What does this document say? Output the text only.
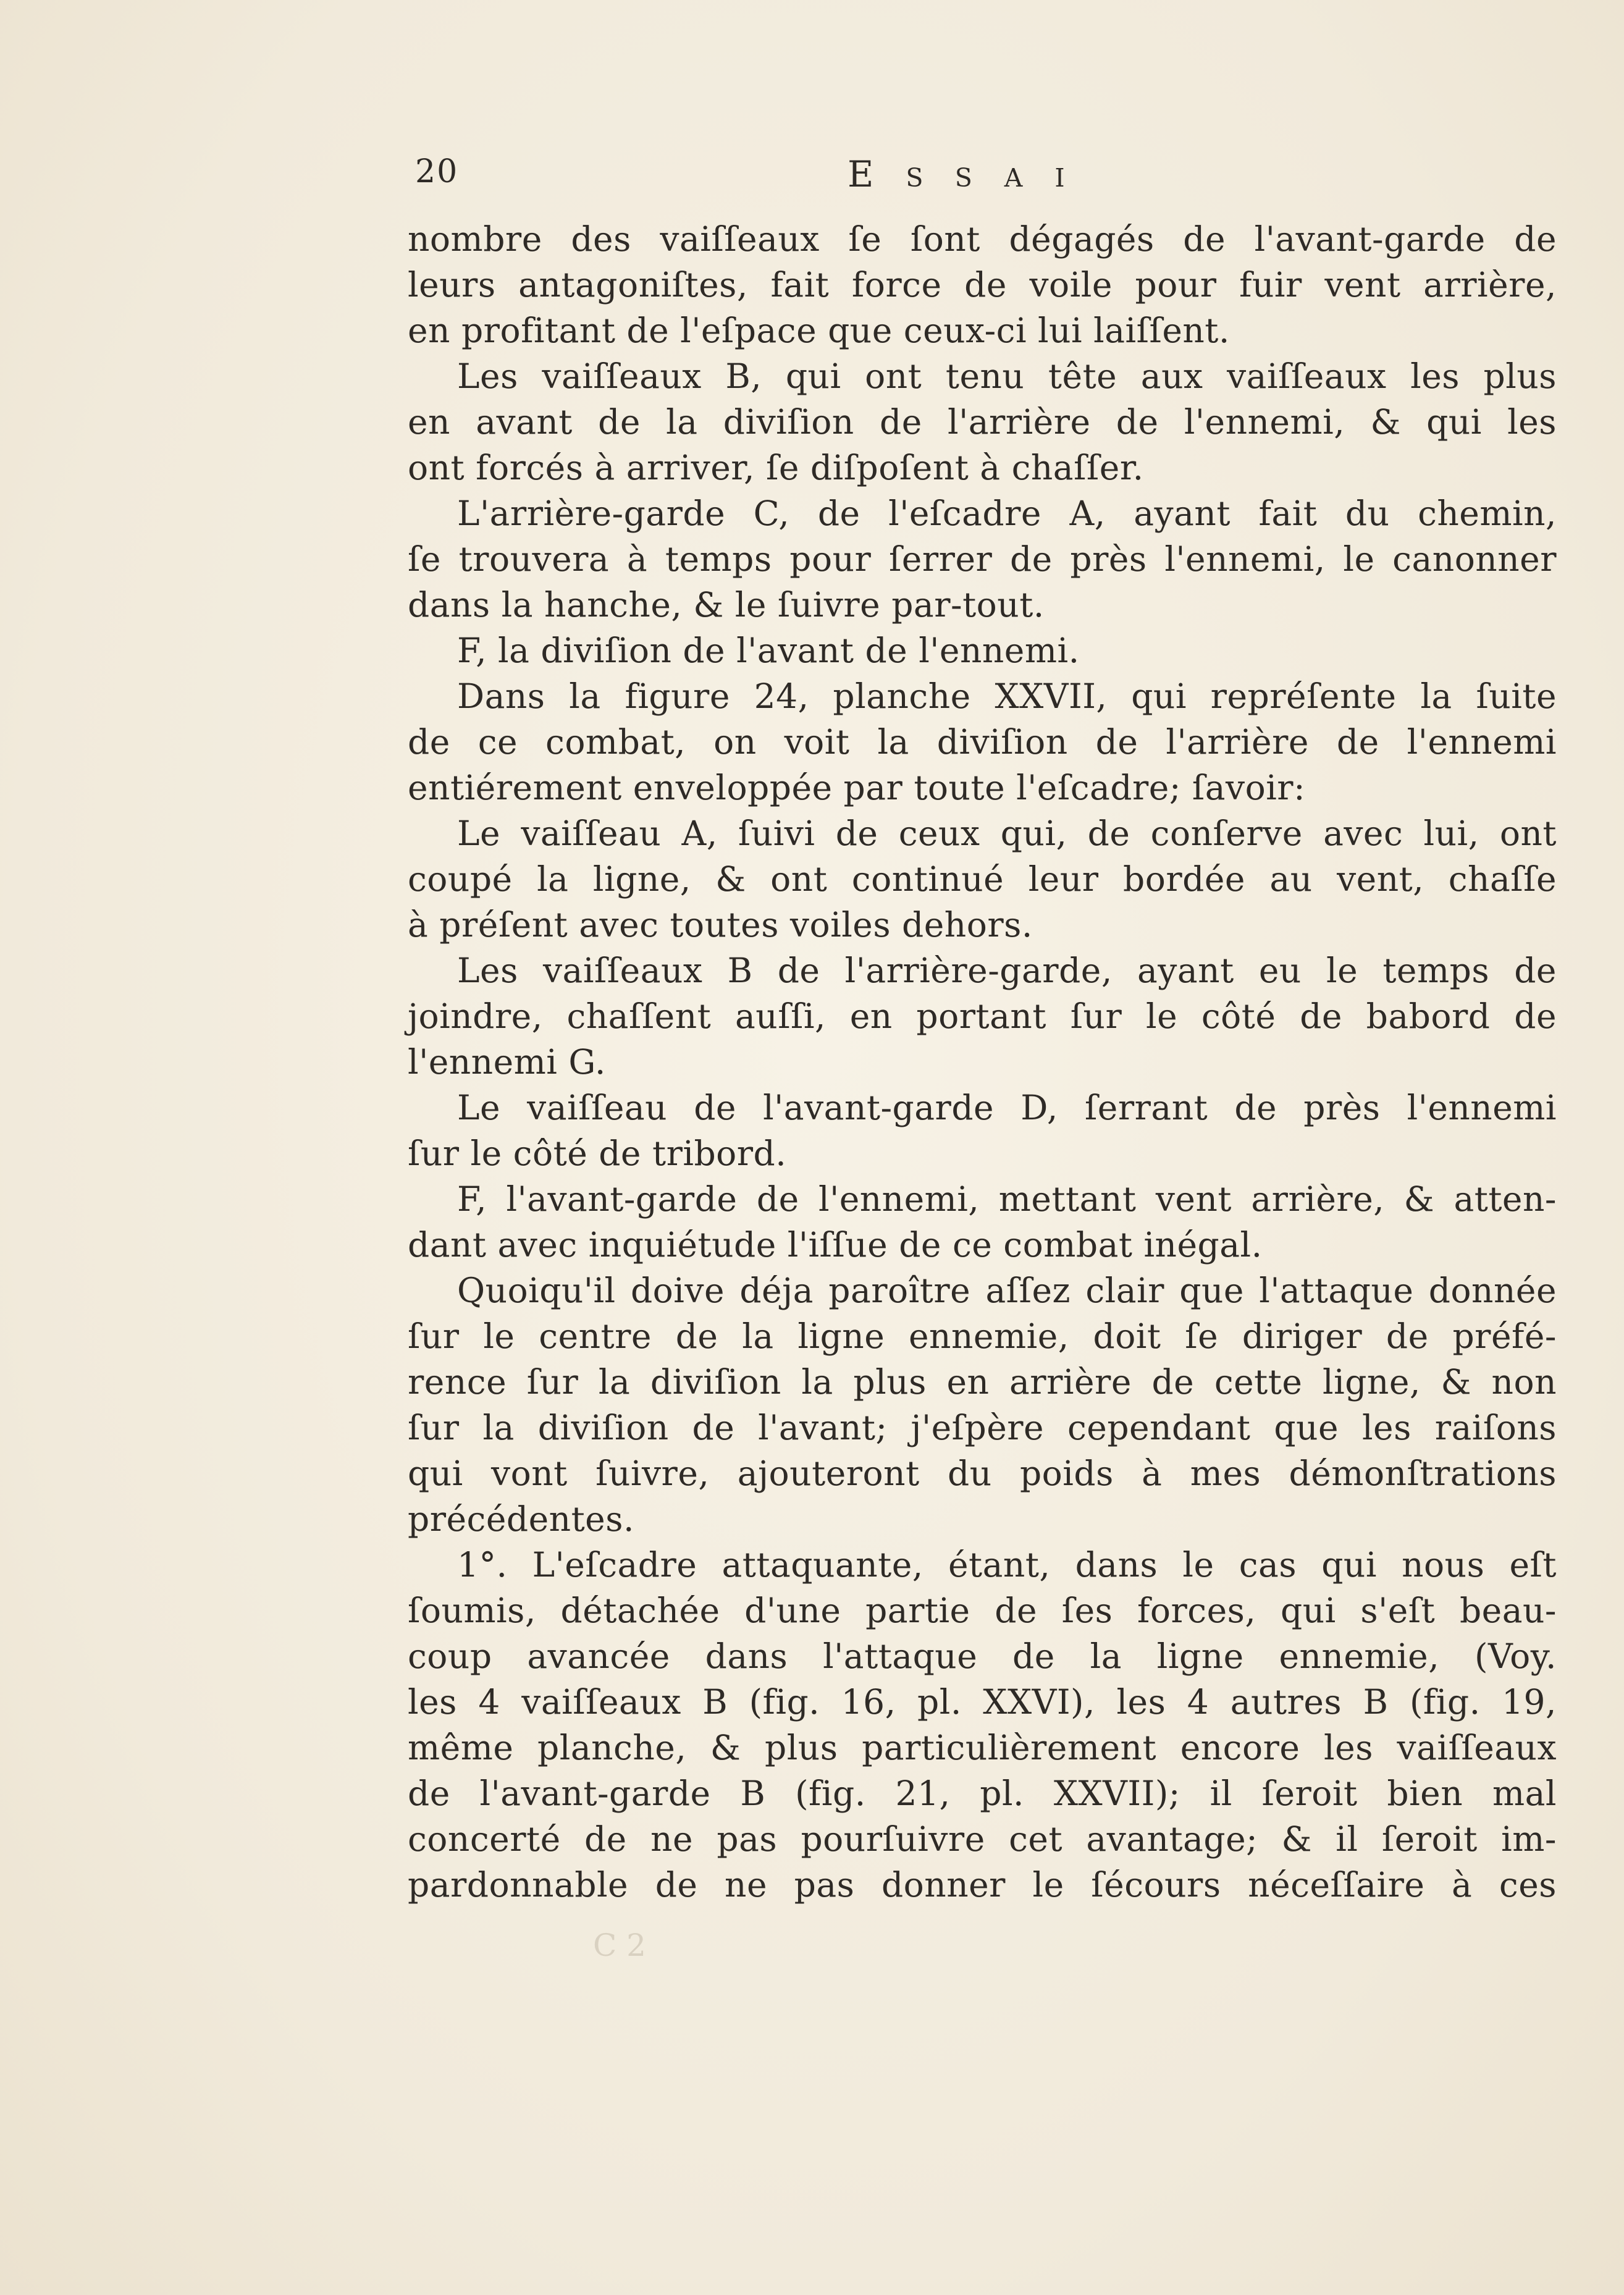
20	Essai
nombre des vaiſſeaux ſe ſont dégagés de l'avant-garde de
leurs antagoniſtes, fait force de voile pour fuir vent arrière,
en profitant de l'eſpace que ceux-ci lui laiſſent.
Les vaiſſeaux B, qui ont tenu tête aux vaiſſeaux les plus
en avant de la diviſion de l'arrière de l'ennemi, & qui les
ont forcés à arriver, ſe diſpoſent à chaſſer.
L'arrière-garde C, de l'eſcadre A, ayant fait du chemin,
ſe trouvera à temps pour ſerrer de près l'ennemi, le canonner
dans la hanche, & le ſuivre par-tout.
F, la diviſion de l'avant de l'ennemi.
Dans la figure 24, planche XXVII, qui repréſente la ſuite
de ce combat, on voit la diviſion de l'arrière de l'ennemi
entiérement enveloppée par toute l'eſcadre; ſavoir:
Le vaiſſeau A, ſuivi de ceux qui, de conſerve avec lui, ont
coupé la ligne, & ont continué leur bordée au vent, chaſſe
à préſent avec toutes voiles dehors.
Les vaiſſeaux B de l'arrière-garde, ayant eu le temps de
joindre, chaſſent auſſi, en portant ſur le côté de babord de
l'ennemi G.
Le vaiſſeau de l'avant-garde D, ſerrant de près l'ennemi
ſur le côté de tribord.
F, l'avant-garde de l'ennemi, mettant vent arrière, & atten-
dant avec inquiétude l'iſſue de ce combat inégal.
Quoiqu'il doive déja paroître aſſez clair que l'attaque donnée
ſur le centre de la ligne ennemie, doit ſe diriger de préfé-
rence ſur la diviſion la plus en arrière de cette ligne, & non
ſur la diviſion de l'avant; j'eſpère cependant que les raiſons
qui vont ſuivre, ajouteront du poids à mes démonſtrations
précédentes.
1°. L'eſcadre attaquante, étant, dans le cas qui nous eſt
ſoumis, détachée d'une partie de ſes forces, qui s'eſt beau-
coup avancée dans l'attaque de la ligne ennemie, (Voy.
les 4 vaiſſeaux B (fig. 16, pl. XXVI), les 4 autres B (fig. 19,
même planche, & plus particulièrement encore les vaiſſeaux
de l'avant-garde B (fig. 21, pl. XXVII); il ſeroit bien mal
concerté de ne pas pourſuivre cet avantage; & il ſeroit im-
pardonnable de ne pas donner le ſécours néceſſaire à ces
C 2
